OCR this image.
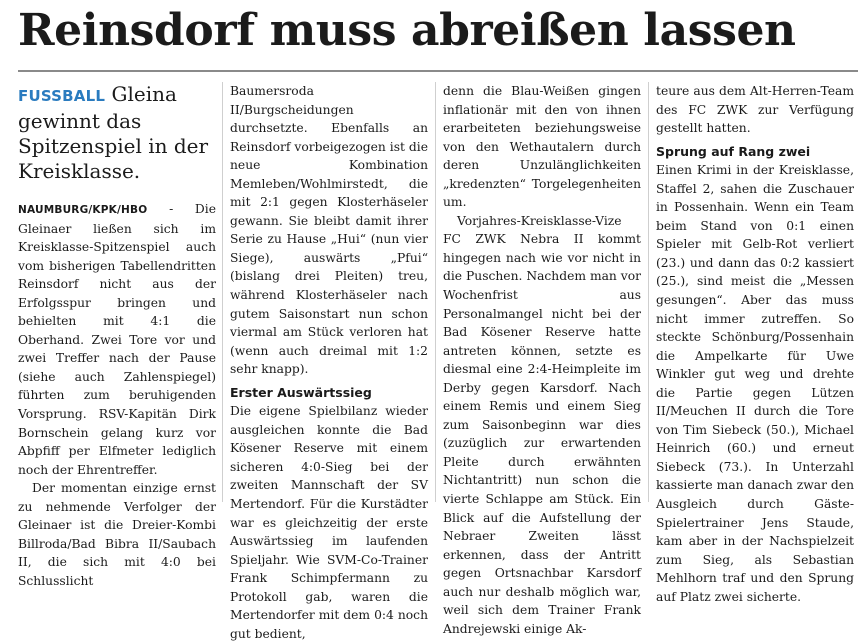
Reinsdorf muss abreißen lassen
FUSSBALL Gleina gewinnt das Spitzenspiel in der Kreisklasse.

NAUMBURG/KPK/HBO - Die Gleinaer ließen sich im Kreisklasse-Spitzenspiel auch vom bisherigen Tabellendritten Reinsdorf nicht aus der Erfolgsspur bringen und behielten mit 4:1 die Oberhand. Zwei Tore vor und zwei Treffer nach der Pause (siehe auch Zahlenspiegel) führten zum beruhigenden Vorsprung. RSV-Kapitän Dirk Bornschein gelang kurz vor Abpfiff per Elfmeter lediglich noch der Ehrentreffer.

Der momentan einzige ernst zu nehmende Verfolger der Gleinaer ist die Dreier-Kombi Billroda/Bad Bibra II/Saubach II, die sich mit 4:0 bei Schlusslicht

Baumersroda II/Burgscheidungen durchsetzte. Ebenfalls an Reinsdorf vorbeigezogen ist die neue Kombination Memleben/Wohlmirstedt, die mit 2:1 gegen Klosterhäseler gewann. Sie bleibt damit ihrer Serie zu Hause „Hui“ (nun vier Siege), auswärts „Pfui“ (bislang drei Pleiten) treu, während Klosterhäseler nach gutem Saisonstart nun schon viermal am Stück verloren hat (wenn auch dreimal mit 1:2 sehr knapp).

Erster Auswärtssieg

Die eigene Spielbilanz wieder ausgleichen konnte die Bad Kösener Reserve mit einem sicheren 4:0-Sieg bei der zweiten Mannschaft der SV Mertendorf. Für die Kurstädter war es gleichzeitig der erste Auswärtssieg im laufenden Spieljahr. Wie SVM-Co-Trainer Frank Schimpfermann zu Protokoll gab, waren die Mertendorfer mit dem 0:4 noch gut bedient,

denn die Blau-Weißen gingen inflationär mit den von ihnen erarbeiteten beziehungsweise von den Wethautalern durch deren Unzulänglichkeiten „kredenzten“ Torgelegenheiten um.

Vorjahres-Kreisklasse-Vize FC ZWK Nebra II kommt hingegen nach wie vor nicht in die Puschen. Nachdem man vor Wochenfrist aus Personalmangel nicht bei der Bad Kösener Reserve hatte antreten können, setzte es diesmal eine 2:4-Heimpleite im Derby gegen Karsdorf. Nach einem Remis und einem Sieg zum Saisonbeginn war dies (zuzüglich zur erwartenden Pleite durch erwähnten Nichtantritt) nun schon die vierte Schlappe am Stück. Ein Blick auf die Aufstellung der Nebraer Zweiten lässt erkennen, dass der Antritt gegen Ortsnachbar Karsdorf auch nur deshalb möglich war, weil sich dem Trainer Frank Andrejewski einige Ak-

teure aus dem Alt-Herren-Team des FC ZWK zur Verfügung gestellt hatten.

Sprung auf Rang zwei

Einen Krimi in der Kreisklasse, Staffel 2, sahen die Zuschauer in Possenhain. Wenn ein Team beim Stand von 0:1 einen Spieler mit Gelb-Rot verliert (23.) und dann das 0:2 kassiert (25.), sind meist die „Messen gesungen“. Aber das muss nicht immer zutreffen. So steckte Schönburg/Possenhain die Ampelkarte für Uwe Winkler gut weg und drehte die Partie gegen Lützen II/Meuchen II durch die Tore von Tim Siebeck (50.), Michael Heinrich (60.) und erneut Siebeck (73.). In Unterzahl kassierte man danach zwar den Ausgleich durch Gäste-Spielertrainer Jens Staude, kam aber in der Nachspielzeit zum Sieg, als Sebastian Mehlhorn traf und den Sprung auf Platz zwei sicherte.
